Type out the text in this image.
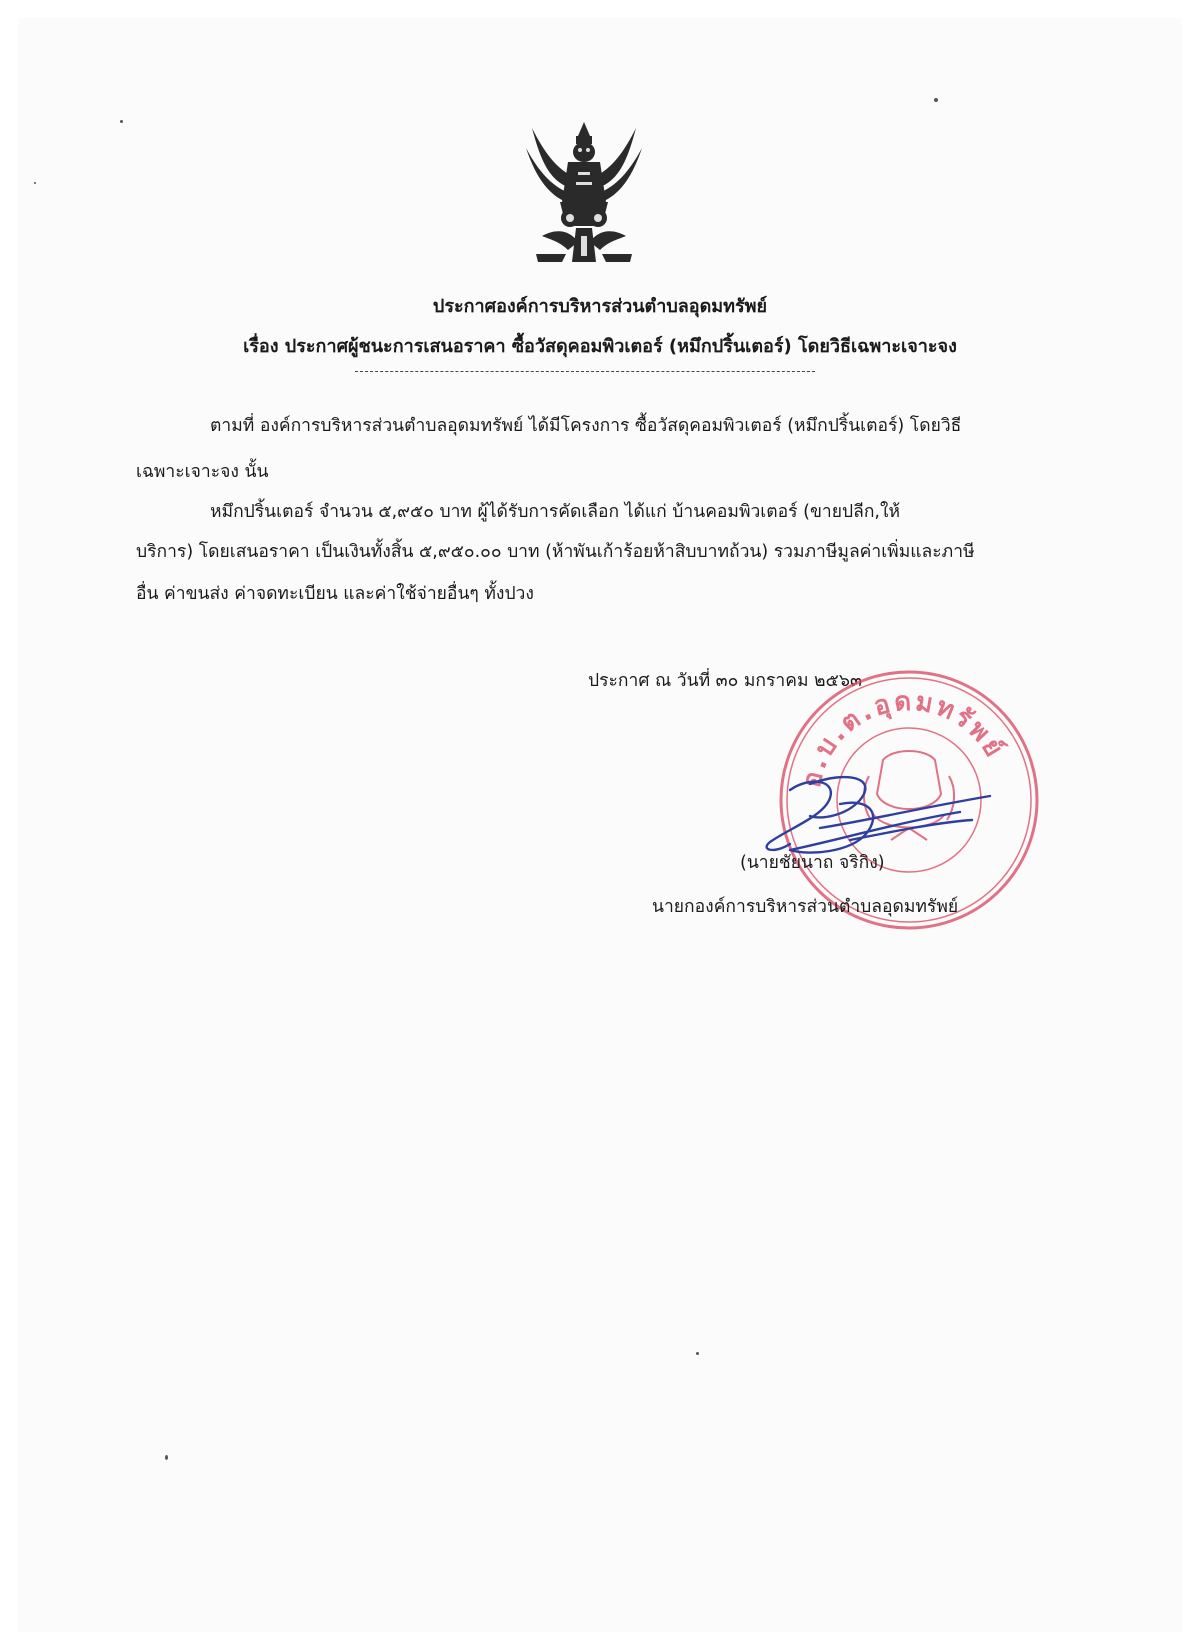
ประกาศองค์การบริหารส่วนตำบลอุดมทรัพย์
เรื่อง ประกาศผู้ชนะการเสนอราคา ซื้อวัสดุคอมพิวเตอร์ (หมึกปริ้นเตอร์) โดยวิธีเฉพาะเจาะจง
ตามที่ องค์การบริหารส่วนตำบลอุดมทรัพย์ ได้มีโครงการ ซื้อวัสดุคอมพิวเตอร์ (หมึกปริ้นเตอร์) โดยวิธี
เฉพาะเจาะจง นั้น
หมึกปริ้นเตอร์ จำนวน ๕,๙๕๐ บาท ผู้ได้รับการคัดเลือก ได้แก่ บ้านคอมพิวเตอร์ (ขายปลีก,ให้
บริการ) โดยเสนอราคา เป็นเงินทั้งสิ้น ๕,๙๕๐.๐๐ บาท (ห้าพันเก้าร้อยห้าสิบบาทถ้วน) รวมภาษีมูลค่าเพิ่มและภาษี
อื่น ค่าขนส่ง ค่าจดทะเบียน และค่าใช้จ่ายอื่นๆ ทั้งปวง
ประกาศ ณ วันที่ ๓๐ มกราคม ๒๕๖๓
อ.บ.ต.อุดมทรัพย์
(นายชัยนาถ จริกิง)
นายกองค์การบริหารส่วนตำบลอุดมทรัพย์
